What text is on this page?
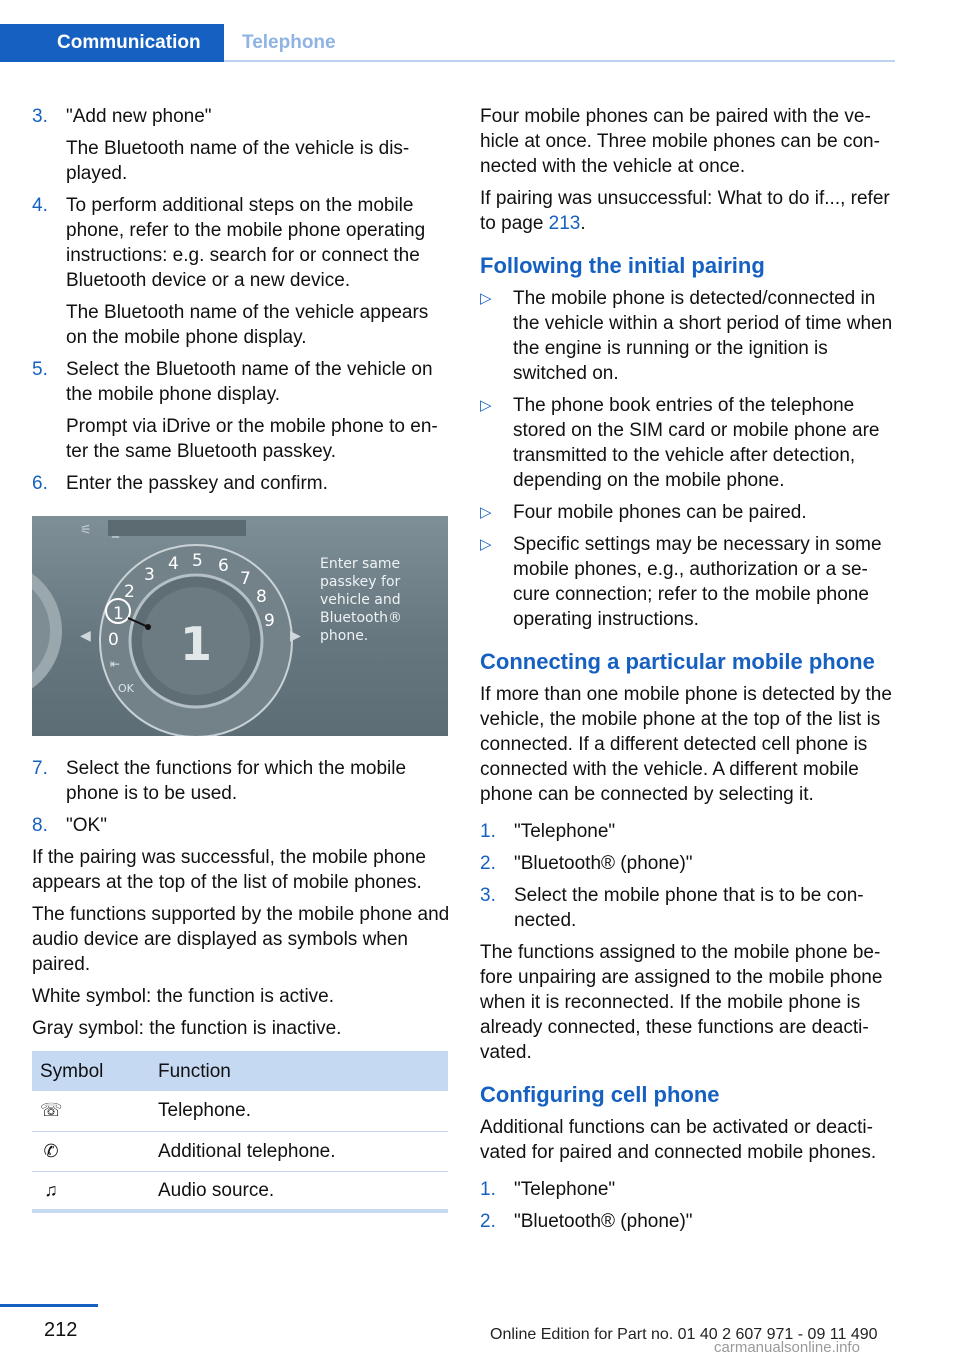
Communication	Telephone
3. "Add new phone"

The Bluetooth name of the vehicle is dis-played.

4. To perform additional steps on the mobile phone, refer to the mobile phone operating instructions: e.g. search for or connect the Bluetooth device or a new device.

The Bluetooth name of the vehicle appears on the mobile phone display.

5. Select the Bluetooth name of the vehicle on the mobile phone display.

Prompt via iDrive or the mobile phone to en-ter the same Bluetooth passkey.

6. Enter the passkey and confirm.

⚟ _
1
0
1
2
3
4 5 6
7
8
9
⇤
OK
◀	▶
Enter same
passkey for
vehicle and
Bluetooth®
phone.
7. Select the functions for which the mobile phone is to be used.

8. "OK"

If the pairing was successful, the mobile phone appears at the top of the list of mobile phones.

The functions supported by the mobile phone and audio device are displayed as symbols when paired.

White symbol: the function is active.

Gray symbol: the function is inactive.

Symbol	Function
☏	Telephone.
✆	Additional telephone.
♫	Audio source.

Four mobile phones can be paired with the ve-hicle at once. Three mobile phones can be con-nected with the vehicle at once.

If pairing was unsuccessful: What to do if..., refer to page 213.

Following the initial pairing
▷	The mobile phone is detected/connected in the vehicle within a short period of time when the engine is running or the ignition is switched on.
▷	The phone book entries of the telephone stored on the SIM card or mobile phone are transmitted to the vehicle after detection, depending on the mobile phone.
▷	Four mobile phones can be paired.
▷	Specific settings may be necessary in some mobile phones, e.g., authorization or a se-cure connection; refer to the mobile phone operating instructions.
Connecting a particular mobile phone

If more than one mobile phone is detected by the vehicle, the mobile phone at the top of the list is connected. If a different detected cell phone is connected with the vehicle. A different mobile phone can be connected by selecting it.

1. "Telephone"
2. "Bluetooth® (phone)"
3. Select the mobile phone that is to be con-nected.

The functions assigned to the mobile phone be-fore unpairing are assigned to the mobile phone when it is reconnected. If the mobile phone is already connected, these functions are deacti-vated.

Configuring cell phone

Additional functions can be activated or deacti-vated for paired and connected mobile phones.

1. "Telephone"
2. "Bluetooth® (phone)"
212	Online Edition for Part no. 01 40 2 607 971 - 09 11 490
carmanualsonline.info
